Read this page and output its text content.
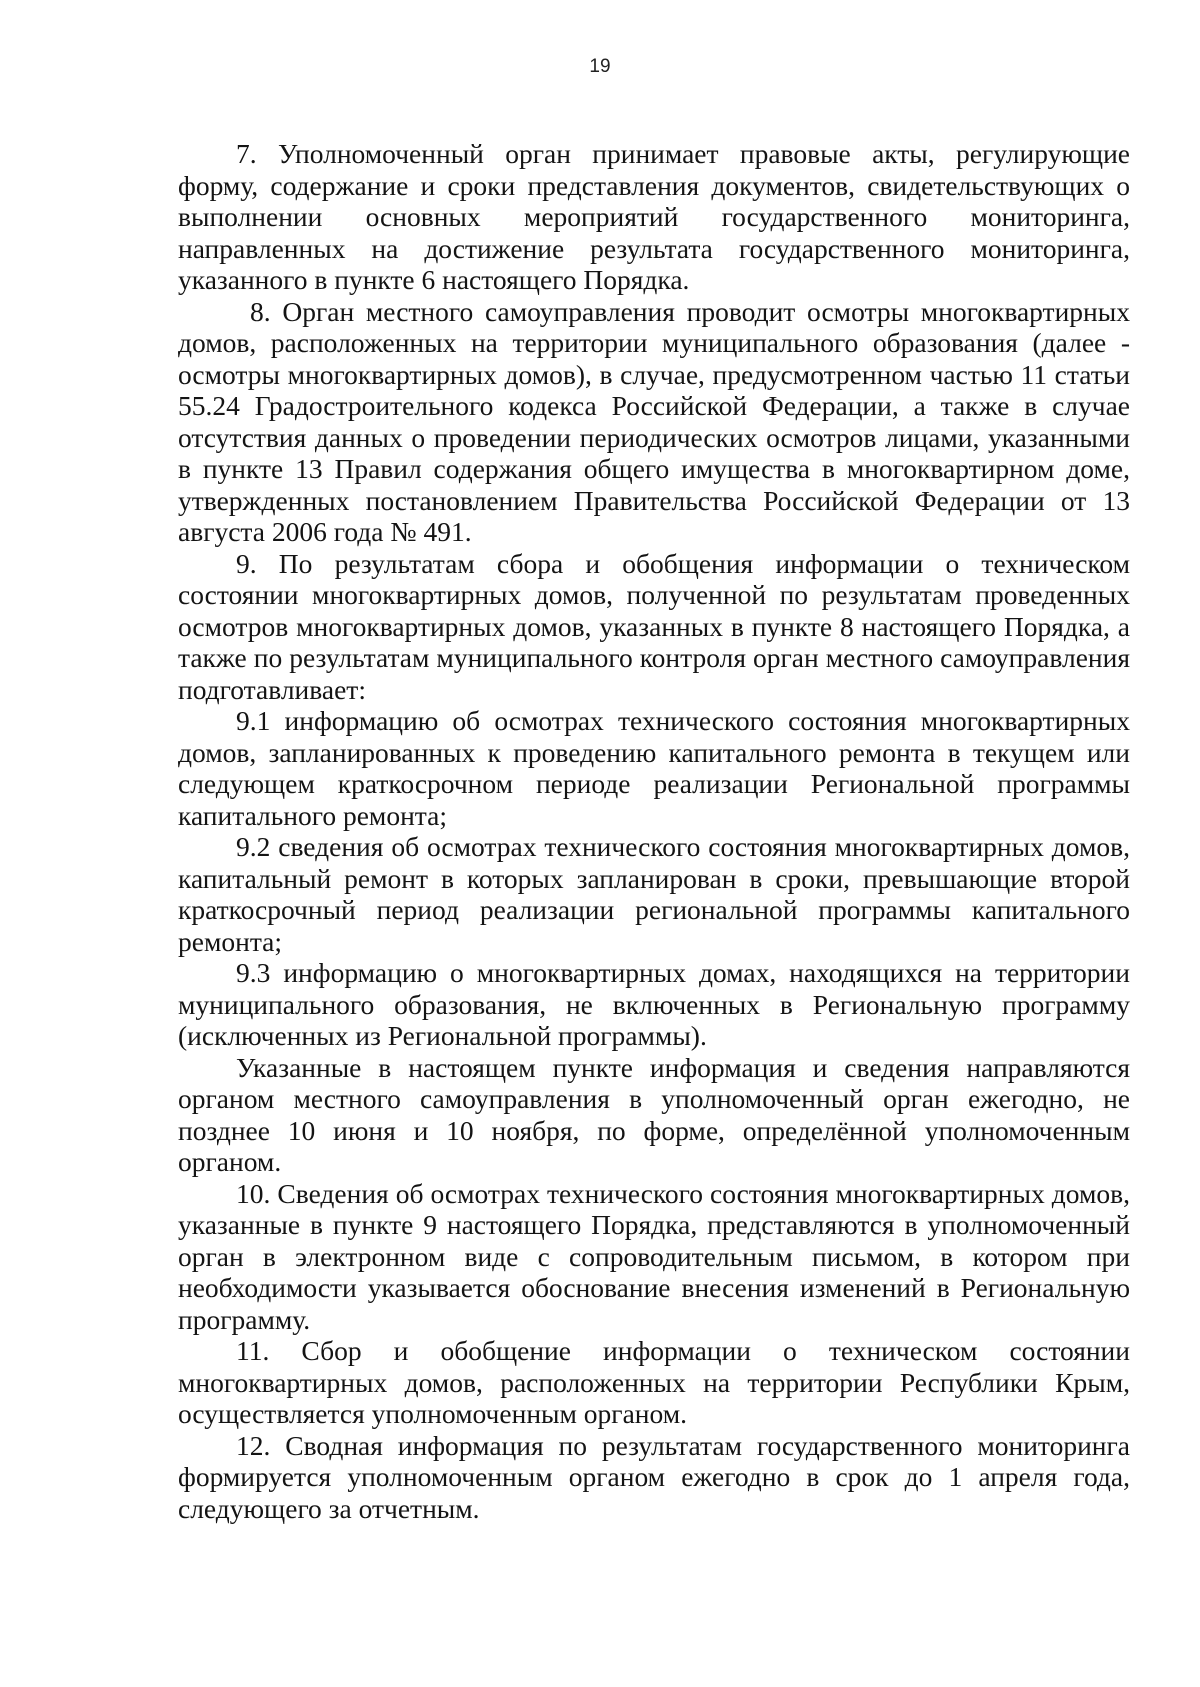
19

7. Уполномоченный орган принимает правовые акты, регулирующие форму, содержание и сроки представления документов, свидетельствующих о выполнении основных мероприятий государственного мониторинга, направленных на достижение результата государственного мониторинга, указанного в пункте 6 настоящего Порядка.

8. Орган местного самоуправления проводит осмотры многоквартирных домов, расположенных на территории муниципального образования (далее - осмотры многоквартирных домов), в случае, предусмотренном частью 11 статьи 55.24 Градостроительного кодекса Российской Федерации, а также в случае отсутствия данных о проведении периодических осмотров лицами, указанными в пункте 13 Правил содержания общего имущества в многоквартирном доме, утвержденных постановлением Правительства Российской Федерации от 13 августа 2006 года № 491.

9. По результатам сбора и обобщения информации о техническом состоянии многоквартирных домов, полученной по результатам проведенных осмотров многоквартирных домов, указанных в пункте 8 настоящего Порядка, а также по результатам муниципального контроля орган местного самоуправления подготавливает:

9.1 информацию об осмотрах технического состояния многоквартирных домов, запланированных к проведению капитального ремонта в текущем или следующем краткосрочном периоде реализации Региональной программы капитального ремонта;

9.2 сведения об осмотрах технического состояния многоквартирных домов, капитальный ремонт в которых запланирован в сроки, превышающие второй краткосрочный период реализации региональной программы капитального ремонта;

9.3 информацию о многоквартирных домах, находящихся на территории муниципального образования, не включенных в Региональную программу (исключенных из Региональной программы).

Указанные в настоящем пункте информация и сведения направляются органом местного самоуправления в уполномоченный орган ежегодно, не позднее 10 июня и 10 ноября, по форме, определённой уполномоченным органом.

10. Сведения об осмотрах технического состояния многоквартирных домов, указанные в пункте 9 настоящего Порядка, представляются в уполномоченный орган в электронном виде с сопроводительным письмом, в котором при необходимости указывается обоснование внесения изменений в Региональную программу.

11. Сбор и обобщение информации о техническом состоянии многоквартирных домов, расположенных на территории Республики Крым, осуществляется уполномоченным органом.

12. Сводная информация по результатам государственного мониторинга формируется уполномоченным органом ежегодно в срок до 1 апреля года, следующего за отчетным.
